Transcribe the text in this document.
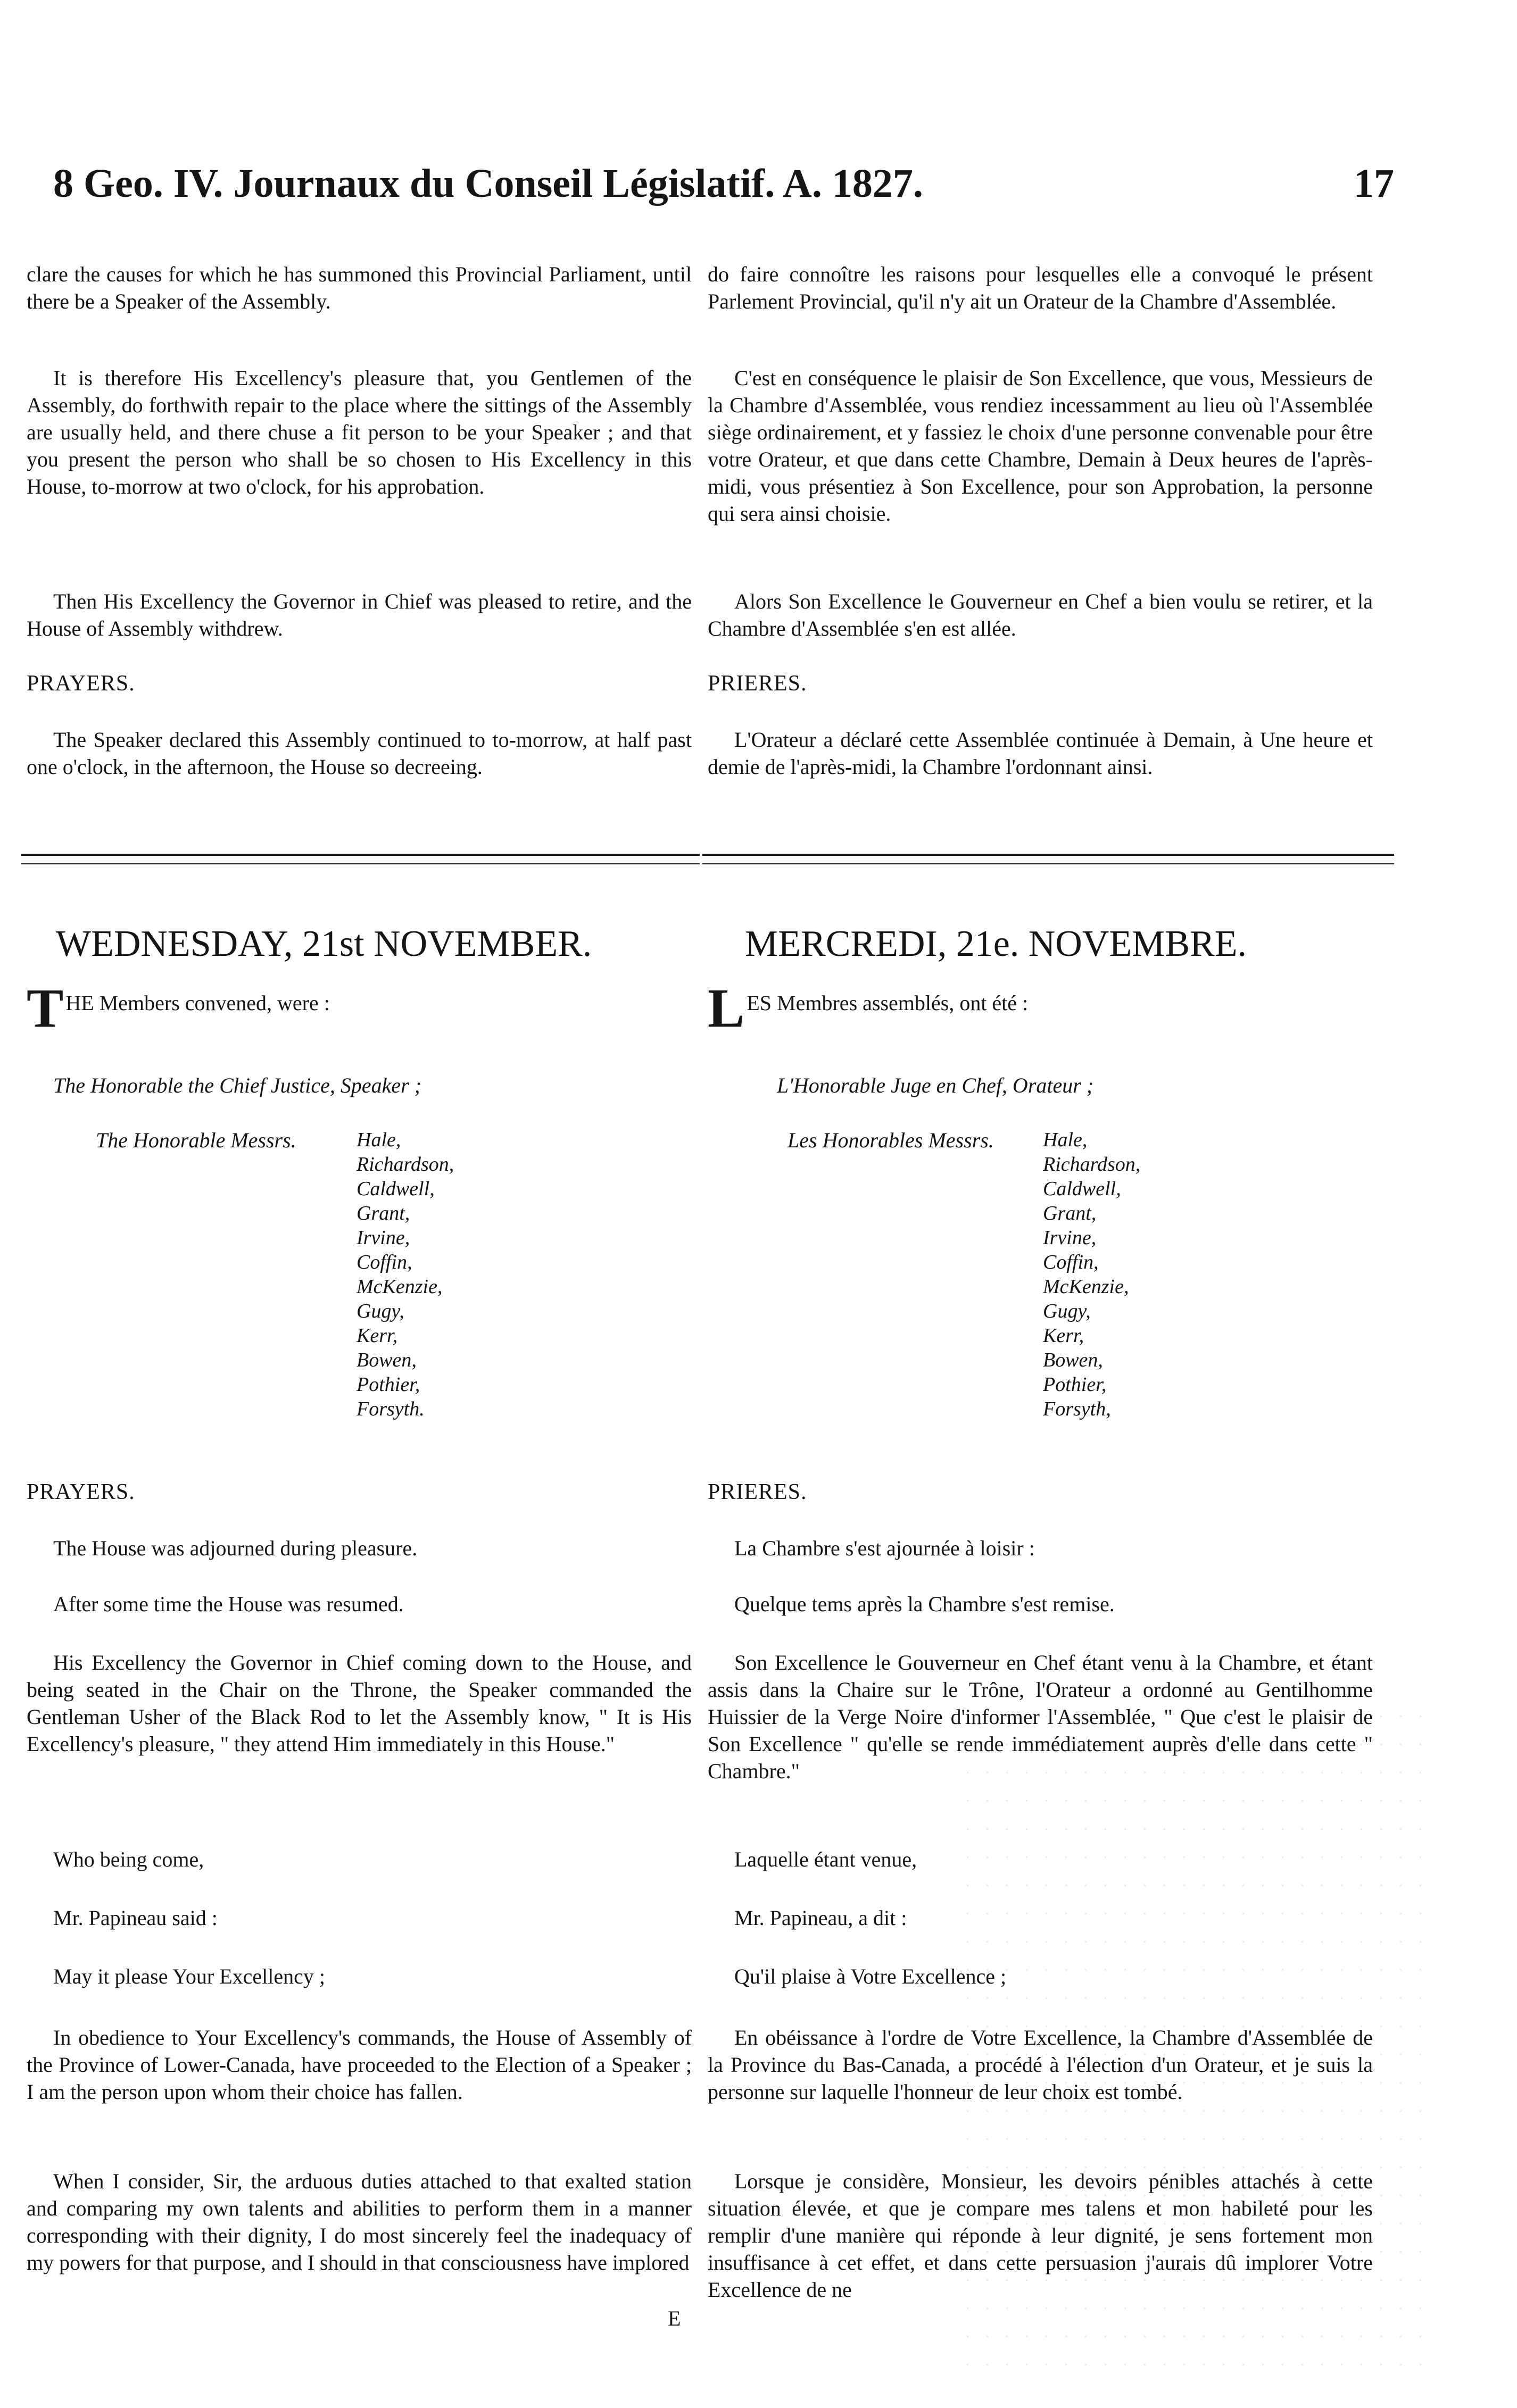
8 Geo. IV. Journaux du Conseil Législatif. A. 1827.	17
clare the causes for which he has summoned this Provincial Parliament, until there be a Speaker of the Assembly.
It is therefore His Excellency's pleasure that, you Gentlemen of the Assembly, do forthwith repair to the place where the sittings of the Assembly are usually held, and there chuse a fit person to be your Speaker ; and that you present the person who shall be so chosen to His Excellency in this House, to-morrow at two o'clock, for his approbation.
Then His Excellency the Governor in Chief was pleased to retire, and the House of Assembly withdrew.
PRAYERS.
The Speaker declared this Assembly continued to to-morrow, at half past one o'clock, in the afternoon, the House so decreeing.
do faire connoître les raisons pour lesquelles elle a convoqué le présent Parlement Provincial, qu'il n'y ait un Orateur de la Chambre d'Assemblée.
C'est en conséquence le plaisir de Son Excellence, que vous, Messieurs de la Chambre d'Assemblée, vous rendiez incessamment au lieu où l'Assemblée siège ordinairement, et y fassiez le choix d'une personne convenable pour être votre Orateur, et que dans cette Chambre, Demain à Deux heures de l'après-midi, vous présentiez à Son Excellence, pour son Approbation, la personne qui sera ainsi choisie.
Alors Son Excellence le Gouverneur en Chef a bien voulu se retirer, et la Chambre d'Assemblée s'en est allée.
PRIERES.
L'Orateur a déclaré cette Assemblée continuée à Demain, à Une heure et demie de l'après-midi, la Chambre l'ordonnant ainsi.
WEDNESDAY, 21st NOVEMBER.	MERCREDI, 21e. NOVEMBRE.
THE Members convened, were :
The Honorable the Chief Justice, Speaker ;
The Honorable Messrs.	Hale,
Richardson,
Caldwell,
Grant,
Irvine,
Coffin,
McKenzie,
Gugy,
Kerr,
Bowen,
Pothier,
Forsyth.
PRAYERS.
The House was adjourned during pleasure.
After some time the House was resumed.
His Excellency the Governor in Chief coming down to the House, and being seated in the Chair on the Throne, the Speaker commanded the Gentleman Usher of the Black Rod to let the Assembly know, " It is His Excellency's pleasure, " they attend Him immediately in this House."
Who being come,
Mr. Papineau said :
May it please Your Excellency ;
In obedience to Your Excellency's commands, the House of Assembly of the Province of Lower-Canada, have proceeded to the Election of a Speaker ; I am the person upon whom their choice has fallen.
When I consider, Sir, the arduous duties attached to that exalted station and comparing my own talents and abilities to perform them in a manner corresponding with their dignity, I do most sincerely feel the inadequacy of my powers for that purpose, and I should in that consciousness have implored
LES Membres assemblés, ont été :
L'Honorable Juge en Chef, Orateur ;
Les Honorables Messrs. Hale,
Richardson,
Caldwell,
Grant,
Irvine,
Coffin,
McKenzie,
Gugy,
Kerr,
Bowen,
Pothier,
Forsyth,
PRIERES.
La Chambre s'est ajournée à loisir :
Quelque tems après la Chambre s'est remise.
Son Excellence le Gouverneur en Chef étant venu à la Chambre, et étant assis dans la Chaire sur le Trône, l'Orateur a ordonné au Gentilhomme Huissier de la Verge Noire d'informer l'Assemblée, " Que c'est le plaisir de Son Excellence " qu'elle se rende immédiatement auprès d'elle dans cette " Chambre."
Laquelle étant venue,
Mr. Papineau, a dit :
Qu'il plaise à Votre Excellence ;
En obéissance à l'ordre de Votre Excellence, la Chambre d'Assemblée de la Province du Bas-Canada, a procédé à l'élection d'un Orateur, et je suis la personne sur laquelle l'honneur de leur choix est tombé.
Lorsque je considère, Monsieur, les devoirs pénibles attachés à cette situation élevée, et que je compare mes talens et mon habileté pour les remplir d'une manière qui réponde à leur dignité, je sens fortement mon insuffisance à cet effet, et dans cette persuasion j'aurais dû implorer Votre Excellence de ne
E
